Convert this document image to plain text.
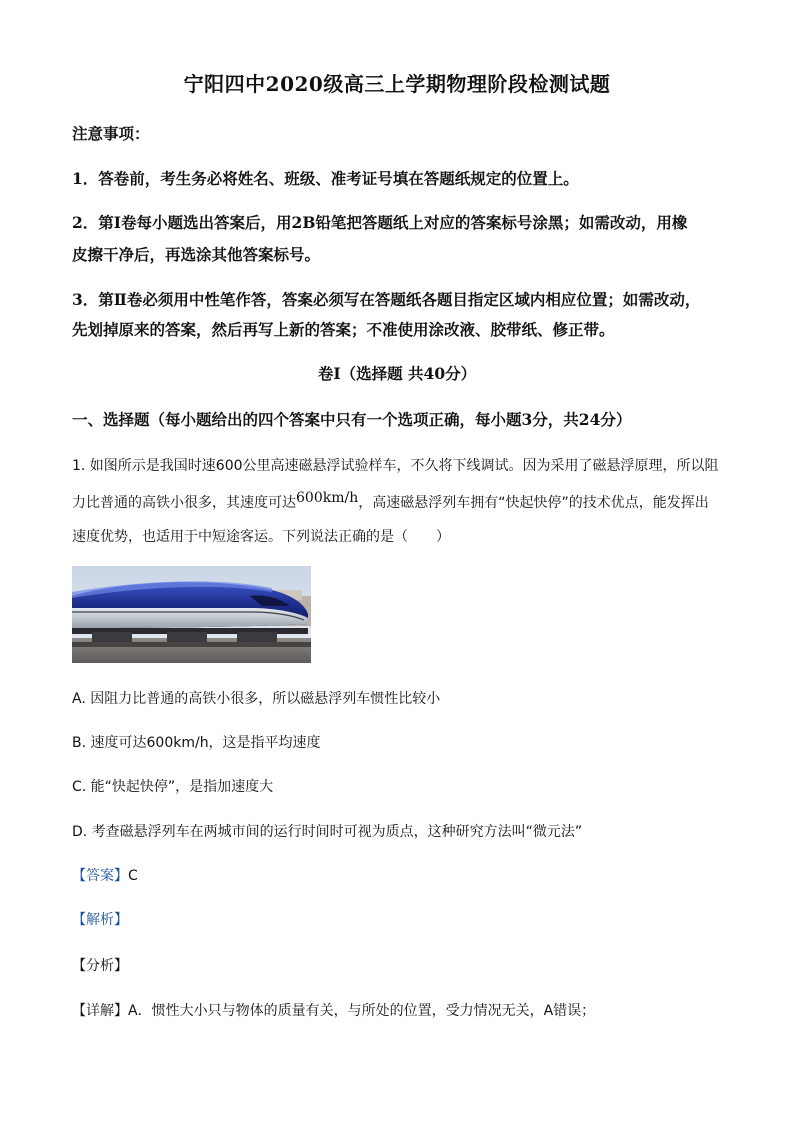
宁阳四中2020级高三上学期物理阶段检测试题
注意事项：
1．答卷前，考生务必将姓名、班级、准考证号填在答题纸规定的位置上。
2．第Ⅰ卷每小题选出答案后，用2B铅笔把答题纸上对应的答案标号涂黑；如需改动，用橡
皮擦干净后，再选涂其他答案标号。
3．第Ⅱ卷必须用中性笔作答，答案必须写在答题纸各题目指定区域内相应位置；如需改动，
先划掉原来的答案，然后再写上新的答案；不准使用涂改液、胶带纸、修正带。
卷Ⅰ（选择题 共40分）
一、选择题（每小题给出的四个答案中只有一个选项正确，每小题3分，共24分）
1. 如图所示是我国时速600公里高速磁悬浮试验样车，不久将下线调试。因为采用了磁悬浮原理，所以阻
力比普通的高铁小很多，其速度可达600km/h，高速磁悬浮列车拥有“快起快停”的技术优点，能发挥出
速度优势，也适用于中短途客运。下列说法正确的是（　　）
A. 因阻力比普通的高铁小很多，所以磁悬浮列车惯性比较小
B. 速度可达600km/h，这是指平均速度
C. 能“快起快停”，是指加速度大
D. 考查磁悬浮列车在两城市间的运行时间时可视为质点，这种研究方法叫“微元法”
【答案】C
【解析】
【分析】
【详解】A．惯性大小只与物体的质量有关，与所处的位置，受力情况无关，A错误；
